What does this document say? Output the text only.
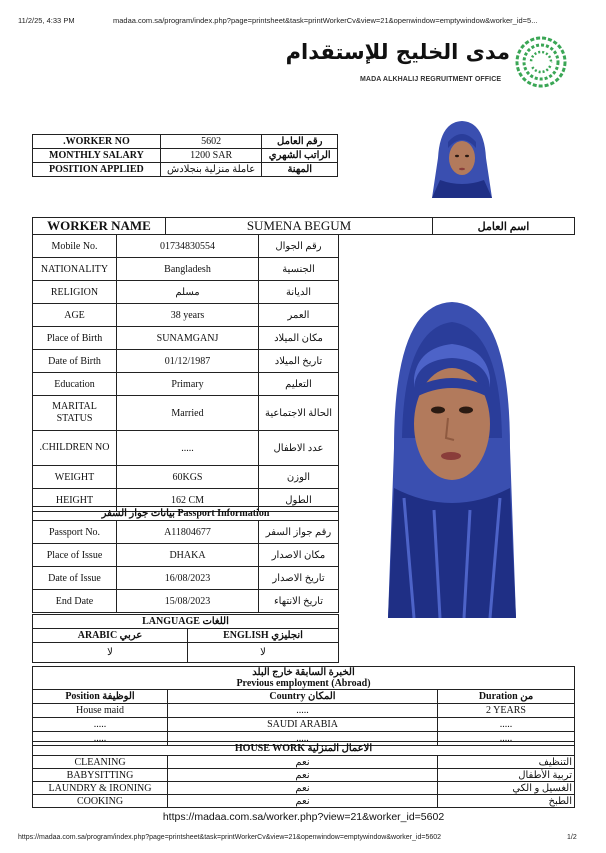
11/2/25, 4:33 PM	madaa.com.sa/program/index.php?page=printsheet&task=printWorkerCv&view=21&openwindow=emptywindow&worker_id=5...
مدى الخليج للإستقدام
MADA ALKHALIJ REGRUITMENT OFFICE
.WORKER NO	5602	رقم العامل
MONTHLY SALARY	1200 SAR	الراتب الشهري
POSITION APPLIED	عاملة منزلية بنجلادش	المهنة
WORKER NAME	SUMENA BEGUM	اسم العامل
Mobile No.	01734830554	رقم الجوال
NATIONALITY	Bangladesh	الجنسية
RELIGION	مسلم	الديانة
AGE	38 years	العمر
Place of Birth	SUNAMGANJ	مكان الميلاد
Date of Birth	01/12/1987	تاريخ الميلاد
Education	Primary	التعليم
MARITAL STATUS	Married	الحالة الاجتماعية
.CHILDREN NO	.....	عدد الاطفال
WEIGHT	60KGS	الوزن
HEIGHT	162 CM	الطول
بيانات جواز السفر Passport Information		
Passport No.	A11804677	رقم جواز السفر
Place of Issue	DHAKA	مكان الاصدار
Date of Issue	16/08/2023	تاريخ الاصدار
End Date	15/08/2023	تاريخ الانتهاء
LANGUAGE اللغات	
ARABIC عربي	ENGLISH انجليزي
لا	لا
الخبرة السابقة خارج البلد
Previous employment (Abroad)		
Position الوظيفة	Country المكان	Duration من
House maid	.....	2 YEARS
.....	SAUDI ARABIA	.....
.....	.....	.....
HOUSE WORK الاعمال المنزلية		
CLEANING	نعم	التنظيف
BABYSITTING	نعم	تربية الأطفال
LAUNDRY & IRONING	نعم	الغسيل و الكي
COOKING	نعم	الطبخ
https://madaa.com.sa/worker.php?view=21&worker_id=5602
https://madaa.com.sa/program/index.php?page=printsheet&task=printWorkerCv&view=21&openwindow=emptywindow&worker_id=5602	1/2
